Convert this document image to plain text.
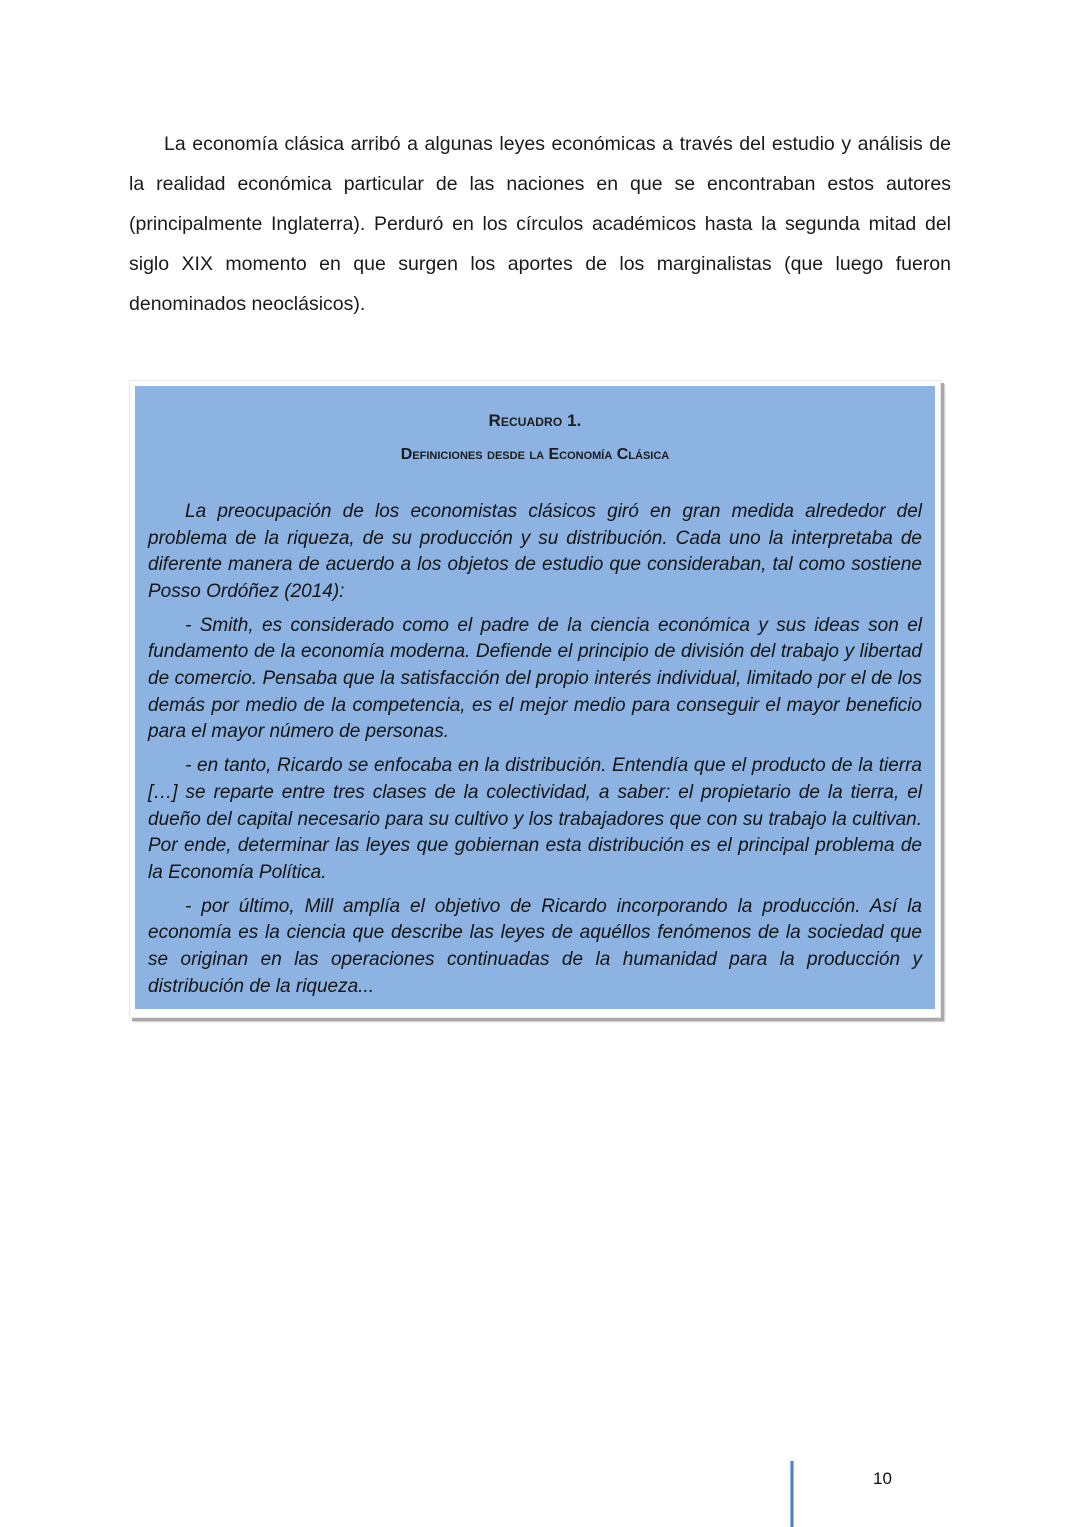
La economía clásica arribó a algunas leyes económicas a través del estudio y análisis de la realidad económica particular de las naciones en que se encontraban estos autores (principalmente Inglaterra). Perduró en los círculos académicos hasta la segunda mitad del siglo XIX momento en que surgen los aportes de los marginalistas (que luego fueron denominados neoclásicos).

Recuadro 1.
Definiciones desde la Economía Clásica

La preocupación de los economistas clásicos giró en gran medida alrededor del problema de la riqueza, de su producción y su distribución. Cada uno la interpretaba de diferente manera de acuerdo a los objetos de estudio que consideraban, tal como sostiene Posso Ordóñez (2014):

- Smith, es considerado como el padre de la ciencia económica y sus ideas son el fundamento de la economía moderna. Defiende el principio de división del trabajo y libertad de comercio. Pensaba que la satisfacción del propio interés individual, limitado por el de los demás por medio de la competencia, es el mejor medio para conseguir el mayor beneficio para el mayor número de personas.

- en tanto, Ricardo se enfocaba en la distribución. Entendía que el producto de la tierra […] se reparte entre tres clases de la colectividad, a saber: el propietario de la tierra, el dueño del capital necesario para su cultivo y los trabajadores que con su trabajo la cultivan. Por ende, determinar las leyes que gobiernan esta distribución es el principal problema de la Economía Política.

- por último, Mill amplía el objetivo de Ricardo incorporando la producción. Así la economía es la ciencia que describe las leyes de aquéllos fenómenos de la sociedad que se originan en las operaciones continuadas de la humanidad para la producción y distribución de la riqueza...

10
